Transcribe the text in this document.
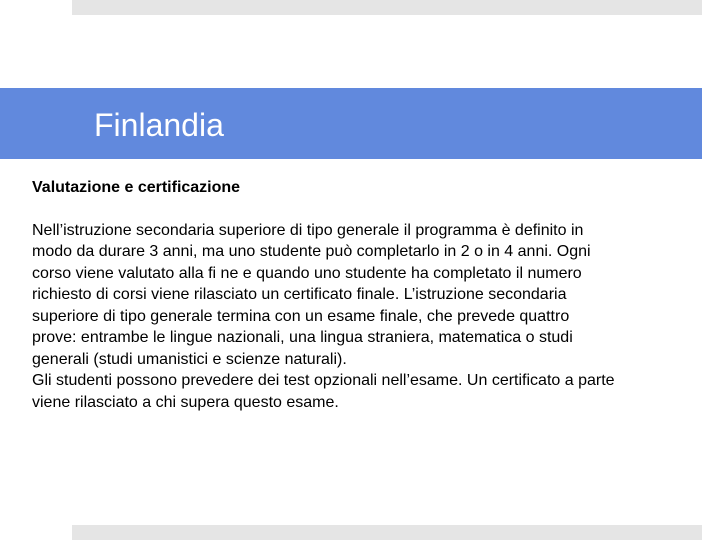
Finlandia
Valutazione e certificazione

Nell’istruzione secondaria superiore di tipo generale il programma è definito in
modo da durare 3 anni, ma uno studente può completarlo in 2 o in 4 anni. Ogni
corso viene valutato alla fi ne e quando uno studente ha completato il numero
richiesto di corsi viene rilasciato un certificato finale. L’istruzione secondaria
superiore di tipo generale termina con un esame finale, che prevede quattro
prove: entrambe le lingue nazionali, una lingua straniera, matematica o studi
generali (studi umanistici e scienze naturali).

Gli studenti possono prevedere dei test opzionali nell’esame. Un certificato a parte
viene rilasciato a chi supera questo esame.
